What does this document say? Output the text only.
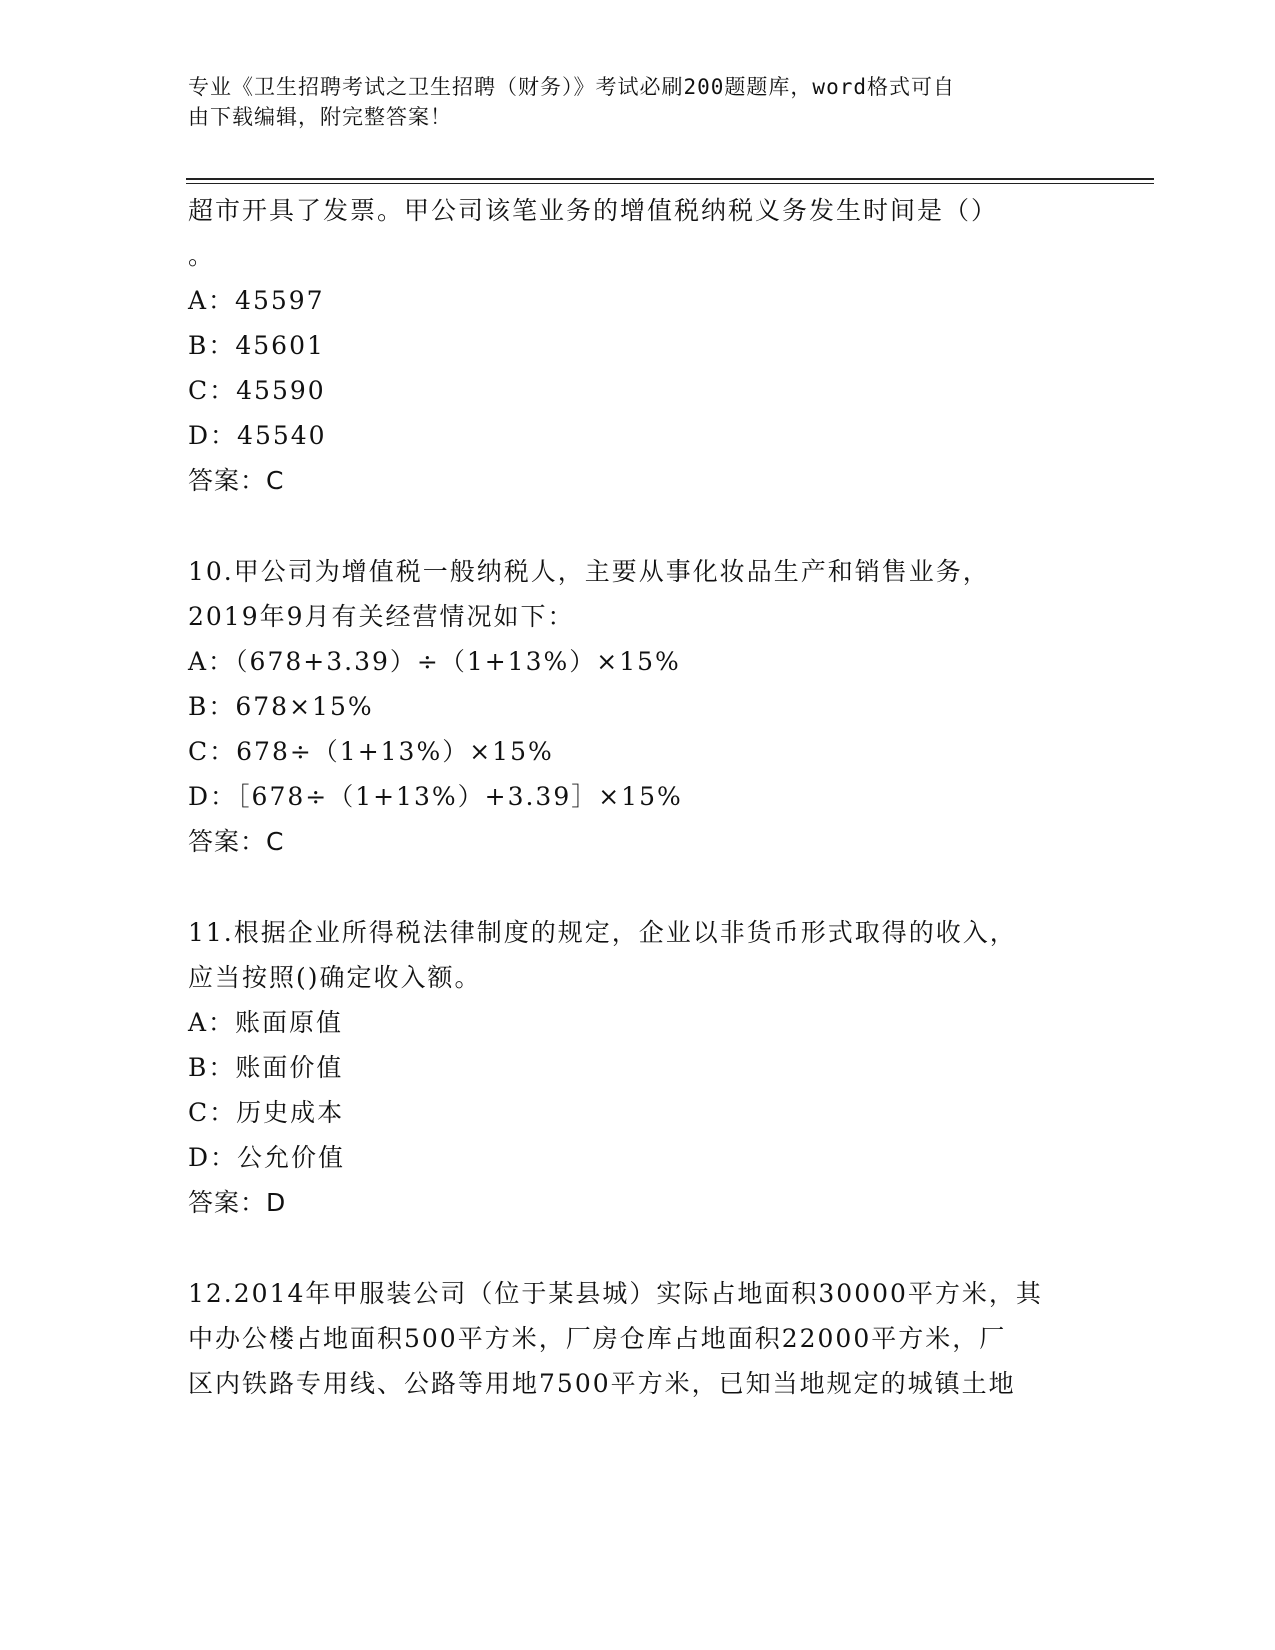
专业《卫生招聘考试之卫生招聘（财务）》考试必刷200题题库，word格式可自
由下载编辑，附完整答案！
超市开具了发票。甲公司该笔业务的增值税纳税义务发生时间是（）
。
A：45597
B：45601
C：45590
D：45540
答案：C
10.甲公司为增值税一般纳税人，主要从事化妆品生产和销售业务，
2019年9月有关经营情况如下：
A：（678+3.39）÷（1+13%）×15%
B：678×15%
C：678÷（1+13%）×15%
D：［678÷（1+13%）+3.39］×15%
答案：C
11.根据企业所得税法律制度的规定，企业以非货币形式取得的收入，
应当按照()确定收入额。
A：账面原值
B：账面价值
C：历史成本
D：公允价值
答案：D
12.2014年甲服装公司（位于某县城）实际占地面积30000平方米，其
中办公楼占地面积500平方米，厂房仓库占地面积22000平方米，厂
区内铁路专用线、公路等用地7500平方米，已知当地规定的城镇土地
